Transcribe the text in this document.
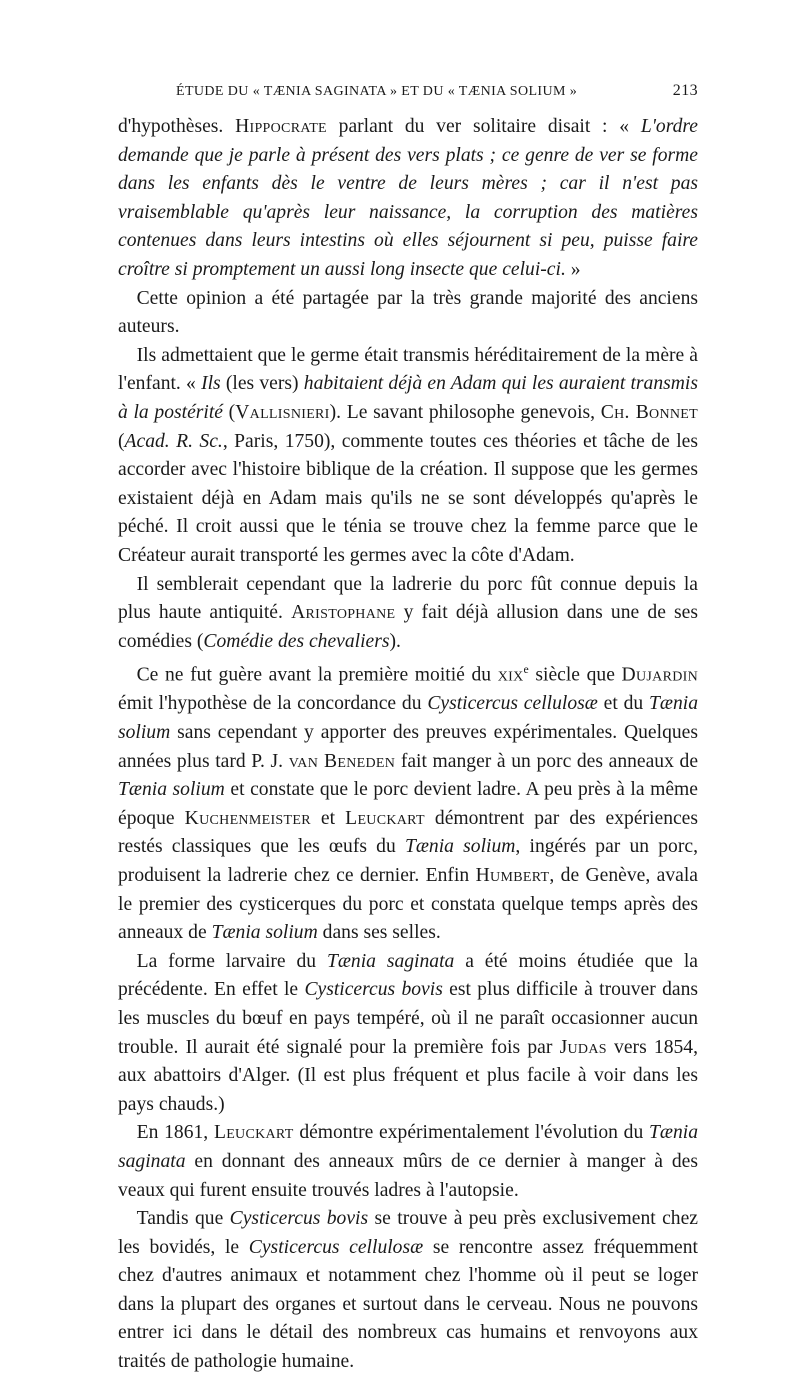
ÉTUDE DU « TÆNIA SAGINATA » ET DU « TÆNIA SOLIUM »	213

d'hypothèses. Hippocrate parlant du ver solitaire disait : « L'ordre demande que je parle à présent des vers plats ; ce genre de ver se forme dans les enfants dès le ventre de leurs mères ; car il n'est pas vraisemblable qu'après leur naissance, la corruption des matières contenues dans leurs intestins où elles séjournent si peu, puisse faire croître si promptement un aussi long insecte que celui-ci. »

Cette opinion a été partagée par la très grande majorité des anciens auteurs.

Ils admettaient que le germe était transmis héréditairement de la mère à l'enfant. « Ils (les vers) habitaient déjà en Adam qui les auraient transmis à la postérité (Vallisnieri). Le savant philosophe genevois, Ch. Bonnet (Acad. R. Sc., Paris, 1750), commente toutes ces théories et tâche de les accorder avec l'histoire biblique de la création. Il suppose que les germes existaient déjà en Adam mais qu'ils ne se sont développés qu'après le péché. Il croit aussi que le ténia se trouve chez la femme parce que le Créateur aurait transporté les germes avec la côte d'Adam.

Il semblerait cependant que la ladrerie du porc fût connue depuis la plus haute antiquité. Aristophane y fait déjà allusion dans une de ses comédies (Comédie des chevaliers).

Ce ne fut guère avant la première moitié du xix$^e$ siècle que Dujardin émit l'hypothèse de la concordance du Cysticercus cellulosæ et du Tænia solium sans cependant y apporter des preuves expérimentales. Quelques années plus tard P. J. van Beneden fait manger à un porc des anneaux de Tænia solium et constate que le porc devient ladre. A peu près à la même époque Kuchenmeister et Leuckart démontrent par des expériences restés classiques que les œufs du Tænia solium, ingérés par un porc, produisent la ladrerie chez ce dernier. Enfin Humbert, de Genève, avala le premier des cysticerques du porc et constata quelque temps après des anneaux de Tænia solium dans ses selles.

La forme larvaire du Tænia saginata a été moins étudiée que la précédente. En effet le Cysticercus bovis est plus difficile à trouver dans les muscles du bœuf en pays tempéré, où il ne paraît occasionner aucun trouble. Il aurait été signalé pour la première fois par Judas vers 1854, aux abattoirs d'Alger. (Il est plus fréquent et plus facile à voir dans les pays chauds.)

En 1861, Leuckart démontre expérimentalement l'évolution du Tænia saginata en donnant des anneaux mûrs de ce dernier à manger à des veaux qui furent ensuite trouvés ladres à l'autopsie.

Tandis que Cysticercus bovis se trouve à peu près exclusivement chez les bovidés, le Cysticercus cellulosæ se rencontre assez fréquemment chez d'autres animaux et notamment chez l'homme où il peut se loger dans la plupart des organes et surtout dans le cerveau. Nous ne pouvons entrer ici dans le détail des nombreux cas humains et renvoyons aux traités de pathologie humaine.
